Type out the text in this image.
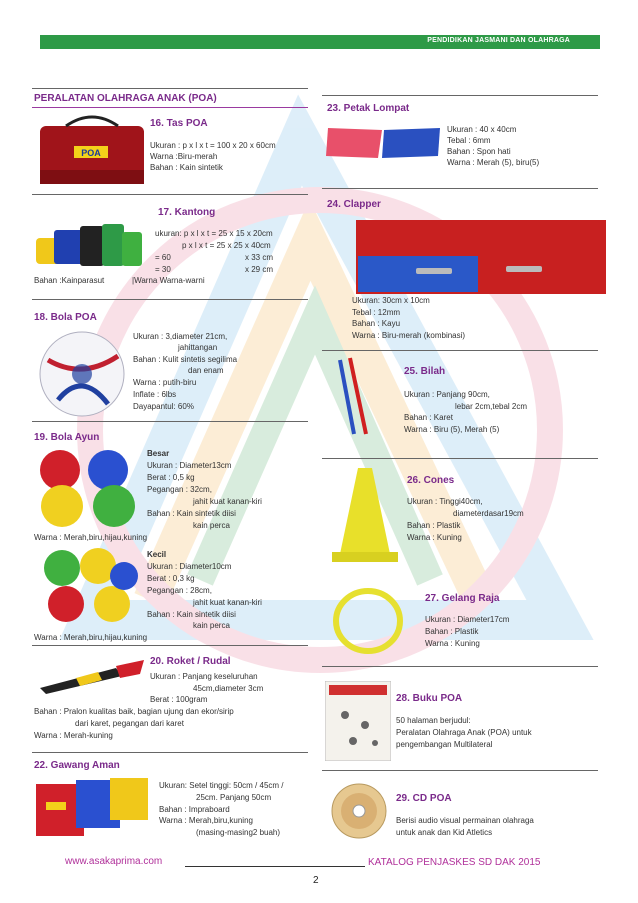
PENDIDIKAN JASMANI DAN OLAHRAGA
PERALATAN OLAHRAGA ANAK (POA)
POA
16. Tas POA
Ukuran : p x l x t = 100 x 20 x 60cm
Warna :Biru-merah
Bahan : Kain sintetik
17. Kantong
ukuran: p x l x t = 25 x 15 x 20cm
p x l x t = 25 x 25 x 40cm
= 60	x 33 cm
= 30	x 29 cm
Bahan :Kainparasut	|Warna Warna-warni
18. Bola POA
Ukuran : 3,diameter 21cm,
jahittangan
Bahan : Kulit sintetis segilima
dan enam
Warna : putih-biru
Inflate : 6lbs
Dayapantul: 60%
19. Bola Ayun
Besar
Ukuran : Diameter13cm
Berat : 0,5 kg
Pegangan : 32cm,
jahit kuat kanan-kiri
Bahan : Kain sintetik diisi
kain perca
Warna : Merah,biru,hijau,kuning
Kecil
Ukuran : Diameter10cm
Berat : 0,3 kg
Pegangan : 28cm,
jahit kuat kanan-kiri
Bahan : Kain sintetik diisi
kain perca
Warna : Merah,biru,hijau,kuning
20. Roket / Rudal
Ukuran : Panjang keseluruhan
45cm,diameter 3cm
Berat : 100gram
Bahan : Pralon kualitas baik, bagian ujung dan ekor/sirip
dari karet, pegangan dari karet
Warna : Merah-kuning
22. Gawang Aman
Ukuran: Setel tinggi: 50cm / 45cm /
25cm. Panjang 50cm
Bahan : Impraboard
Warna : Merah,biru,kuning
(masing-masing2 buah)
23. Petak Lompat
Ukuran : 40 x 40cm
Tebal : 6mm
Bahan : Spon hati
Warna : Merah (5), biru(5)
24. Clapper
Ukuran: 30cm x 10cm
Tebal : 12mm
Bahan : Kayu
Warna : Biru-merah (kombinasi)
25. Bilah
Ukuran : Panjang 90cm,
lebar 2cm,tebal 2cm
Bahan : Karet
Warna : Biru (5), Merah (5)
26. Cones
Ukuran : Tinggi40cm,
diameterdasar19cm
Bahan : Plastik
Warna : Kuning
27. Gelang Raja
Ukuran : Diameter17cm
Bahan : Plastik
Warna : Kuning
28. Buku POA
50 halaman berjudul:
Peralatan Olahraga Anak (POA) untuk
pengembangan Multilateral
29. CD POA
Berisi audio visual permainan olahraga
untuk anak dan Kid Atletics
www.asakaprima.com	KATALOG PENJASKES SD DAK 2015
2
